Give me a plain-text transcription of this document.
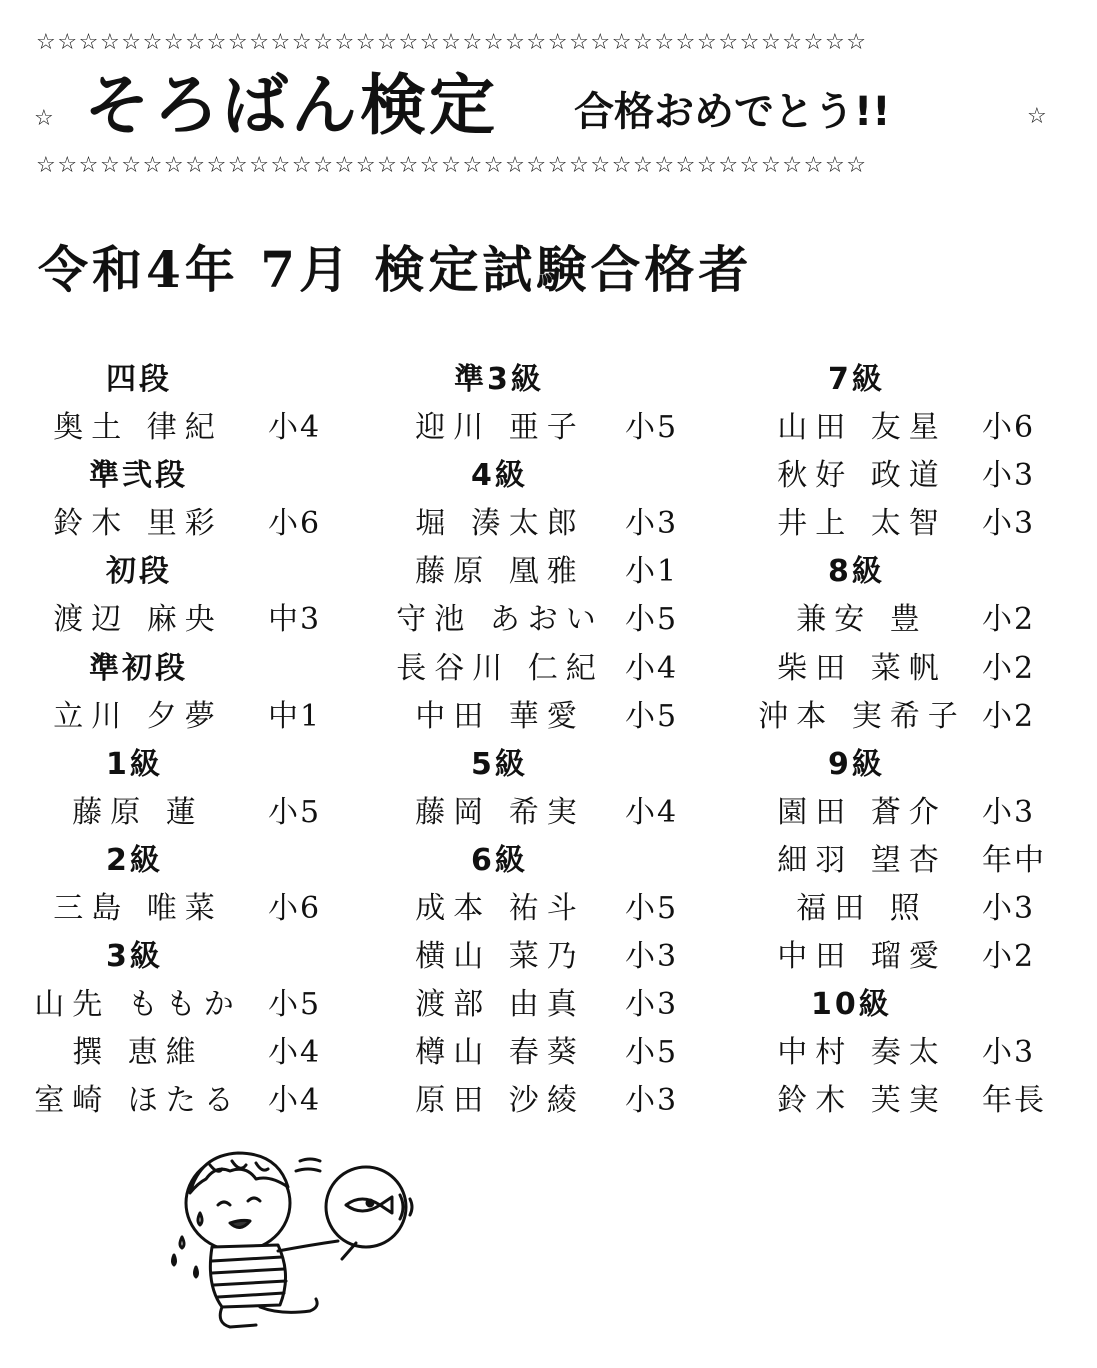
☆☆☆☆☆☆☆☆☆☆☆☆☆☆☆☆☆☆☆☆☆☆☆☆☆☆☆☆☆☆☆☆☆☆☆☆☆☆☆
☆ そろばん検定 合格おめでとう!!	☆
☆☆☆☆☆☆☆☆☆☆☆☆☆☆☆☆☆☆☆☆☆☆☆☆☆☆☆☆☆☆☆☆☆☆☆☆☆☆☆
令和4年 7月 検定試験合格者
四段
奥土 律紀 小4
準弐段
鈴木 里彩 小6
初段
渡辺 麻央 中3
準初段
立川 夕夢 中1
1級
藤原 蓮 小5
2級
三島 唯菜 小6
3級
山先 ももか 小5
撰 恵維 小4
室崎 ほたる 小4
準3級
迎川 亜子 小5
4級
堀 湊太郎 小3
藤原 凰雅 小1
守池 あおい 小5
長谷川 仁紀 小4
中田 華愛 小5
5級
藤岡 希実 小4
6級
成本 祐斗 小5
横山 菜乃 小3
渡部 由真 小3
樽山 春葵 小5
原田 沙綾 小3
7級
山田 友星 小6
秋好 政道 小3
井上 太智 小3
8級
兼安 豊 小2
柴田 菜帆 小2
沖本 実希子 小2
9級
園田 蒼介 小3
細羽 望杏 年中
福田 照 小3
中田 瑠愛 小2
10級
中村 奏太 小3
鈴木 芙実 年長
